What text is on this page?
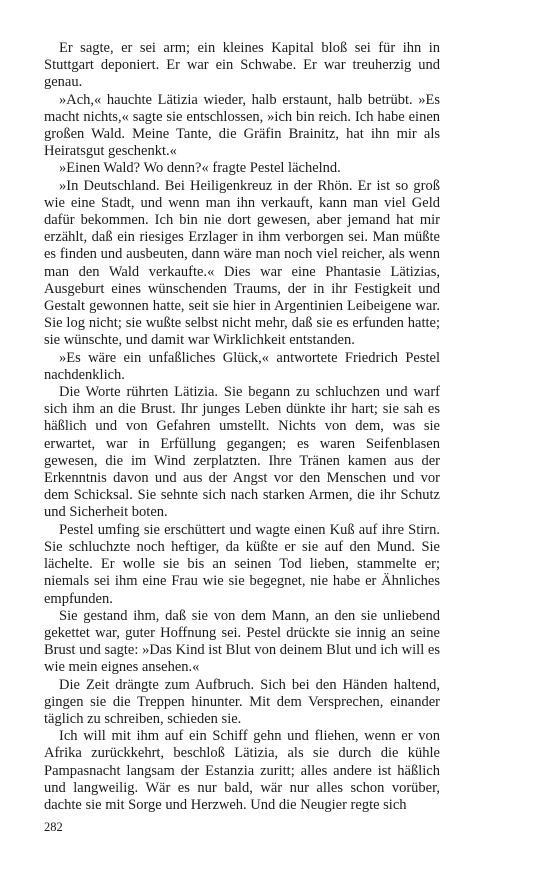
Er sagte, er sei arm; ein kleines Kapital bloß sei für ihn in Stuttgart deponiert. Er war ein Schwabe. Er war treuherzig und genau.

»Ach,« hauchte Lätizia wieder, halb erstaunt, halb betrübt. »Es macht nichts,« sagte sie entschlossen, »ich bin reich. Ich habe einen großen Wald. Meine Tante, die Gräfin Brainitz, hat ihn mir als Heiratsgut geschenkt.«

»Einen Wald? Wo denn?« fragte Pestel lächelnd.

»In Deutschland. Bei Heiligenkreuz in der Rhön. Er ist so groß wie eine Stadt, und wenn man ihn verkauft, kann man viel Geld dafür bekommen. Ich bin nie dort gewesen, aber jemand hat mir erzählt, daß ein riesiges Erzlager in ihm verborgen sei. Man müßte es finden und ausbeuten, dann wäre man noch viel reicher, als wenn man den Wald verkaufte.« Dies war eine Phantasie Lätizias, Ausgeburt eines wünschenden Traums, der in ihr Festigkeit und Gestalt gewonnen hatte, seit sie hier in Argentinien Leibeigene war. Sie log nicht; sie wußte selbst nicht mehr, daß sie es erfunden hatte; sie wünschte, und damit war Wirklichkeit entstanden.

»Es wäre ein unfaßliches Glück,« antwortete Friedrich Pestel nachdenklich.

Die Worte rührten Lätizia. Sie begann zu schluchzen und warf sich ihm an die Brust. Ihr junges Leben dünkte ihr hart; sie sah es häßlich und von Gefahren umstellt. Nichts von dem, was sie erwartet, war in Erfüllung gegangen; es waren Seifenblasen gewesen, die im Wind zerplatzten. Ihre Tränen kamen aus der Erkenntnis davon und aus der Angst vor den Menschen und vor dem Schicksal. Sie sehnte sich nach starken Armen, die ihr Schutz und Sicherheit boten.

Pestel umfing sie erschüttert und wagte einen Kuß auf ihre Stirn. Sie schluchzte noch heftiger, da küßte er sie auf den Mund. Sie lächelte. Er wolle sie bis an seinen Tod lieben, stammelte er; niemals sei ihm eine Frau wie sie begegnet, nie habe er Ähnliches empfunden.

Sie gestand ihm, daß sie von dem Mann, an den sie unliebend gekettet war, guter Hoffnung sei. Pestel drückte sie innig an seine Brust und sagte: »Das Kind ist Blut von deinem Blut und ich will es wie mein eignes ansehen.«

Die Zeit drängte zum Aufbruch. Sich bei den Händen haltend, gingen sie die Treppen hinunter. Mit dem Versprechen, einander täglich zu schreiben, schieden sie.

Ich will mit ihm auf ein Schiff gehn und fliehen, wenn er von Afrika zurückkehrt, beschloß Lätizia, als sie durch die kühle Pampasnacht langsam der Estanzia zuritt; alles andere ist häßlich und langweilig. Wär es nur bald, wär nur alles schon vorüber, dachte sie mit Sorge und Herzweh. Und die Neugier regte sich

282
